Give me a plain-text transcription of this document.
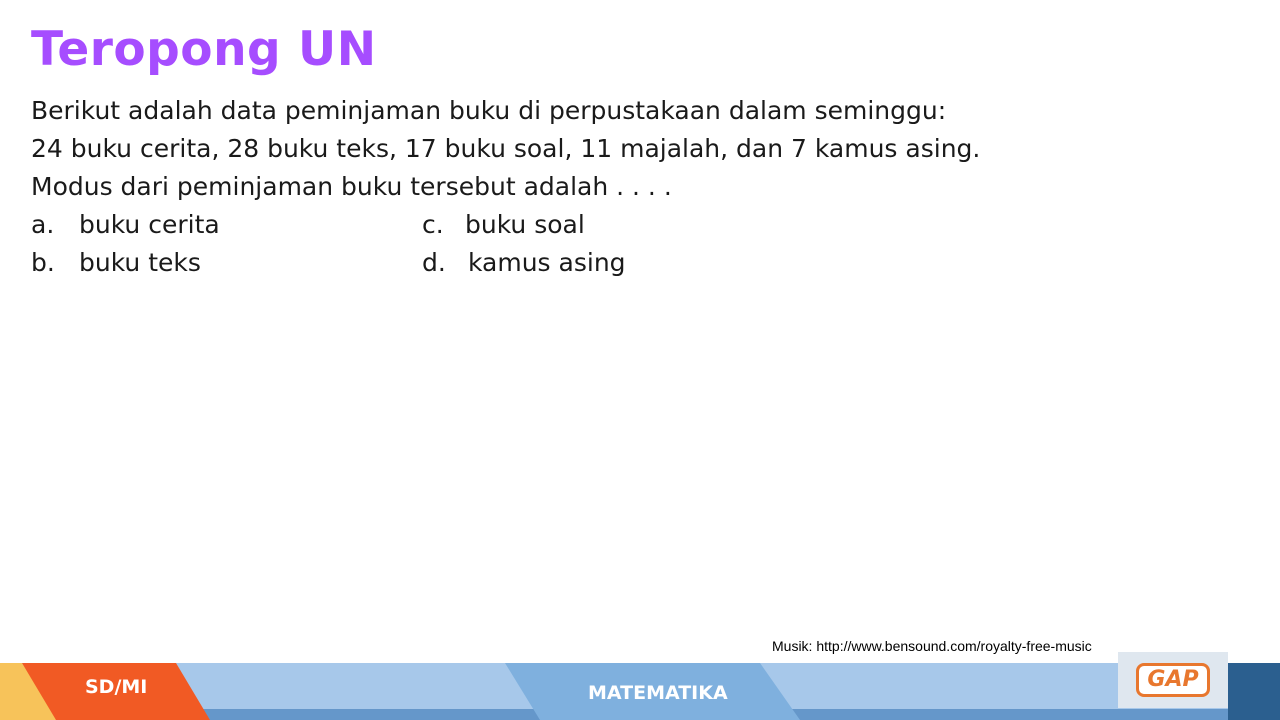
Teropong UN

Berikut adalah data peminjaman buku di perpustakaan dalam seminggu:

24 buku cerita, 28 buku teks, 17 buku soal, 11 majalah, dan 7 kamus asing.

Modus dari peminjaman buku tersebut adalah . . . .

a. buku cerita
b. buku teks
c. buku soal
d. kamus asing
Musik: http://www.bensound.com/royalty-free-music
SD/MI	MATEMATIKA
GAP
